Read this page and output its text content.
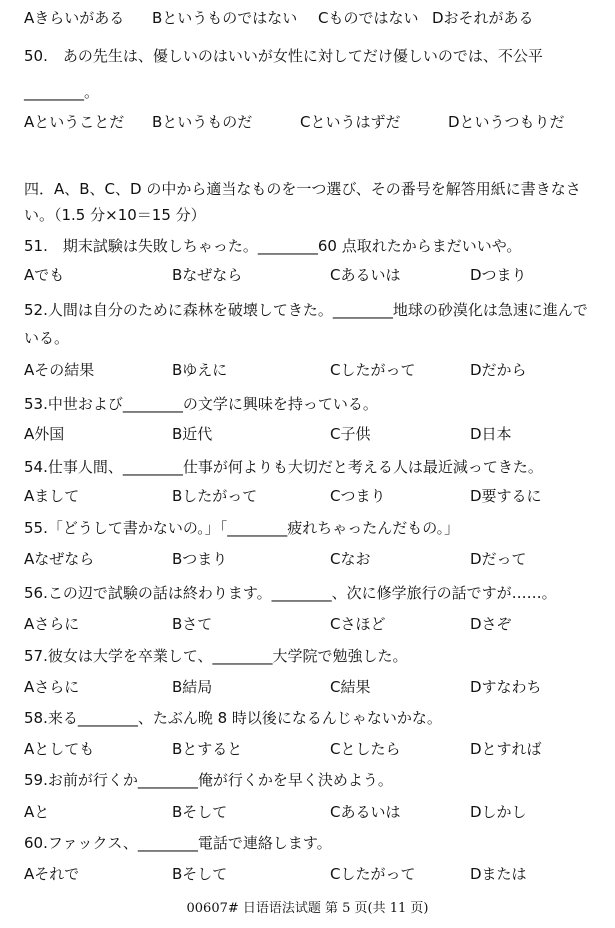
Aきらいがある Bというものではない Cものではない Dおそれがある
50.　あの先生は、優しいのはいいが女性に対してだけ優しいのでは、不公平
________。
Aということだ Bというものだ	Cというはずだ	Dというつもりだ
四．A、B、C、D の中から適当なものを一つ選び、その番号を解答用紙に書きなさい。（1.5 分×10＝15 分）
51.　期末試験は失敗しちゃった。________60 点取れたからまだいいや。
Aでも	Bなぜなら	Cあるいは	Dつまり
52.人間は自分のために森林を破壊してきた。________地球の砂漠化は急速に進んでいる。
Aその結果	Bゆえに	Cしたがって	Dだから
53.中世および________の文学に興味を持っている。
A外国	B近代	C子供	D日本
54.仕事人間、________仕事が何よりも大切だと考える人は最近減ってきた。
Aまして	Bしたがって	Cつまり	D要するに
55.「どうして書かないの。」「________疲れちゃったんだもの。」
Aなぜなら	Bつまり	Cなお	Dだって
56.この辺で試験の話は終わります。________、次に修学旅行の話ですが……。
Aさらに	Bさて	Cさほど	Dさぞ
57.彼女は大学を卒業して、________大学院で勉強した。
Aさらに	B結局	C結果	Dすなわち
58.来る________、たぶん晩 8 時以後になるんじゃないかな。
Aとしても	Bとすると	Cとしたら	Dとすれば
59.お前が行くか________俺が行くかを早く決めよう。
Aと	Bそして	Cあるいは	Dしかし
60.ファックス、________電話で連絡します。
Aそれで	Bそして	Cしたがって	Dまたは
00607# 日语语法试题 第 5 页(共 11 页)
